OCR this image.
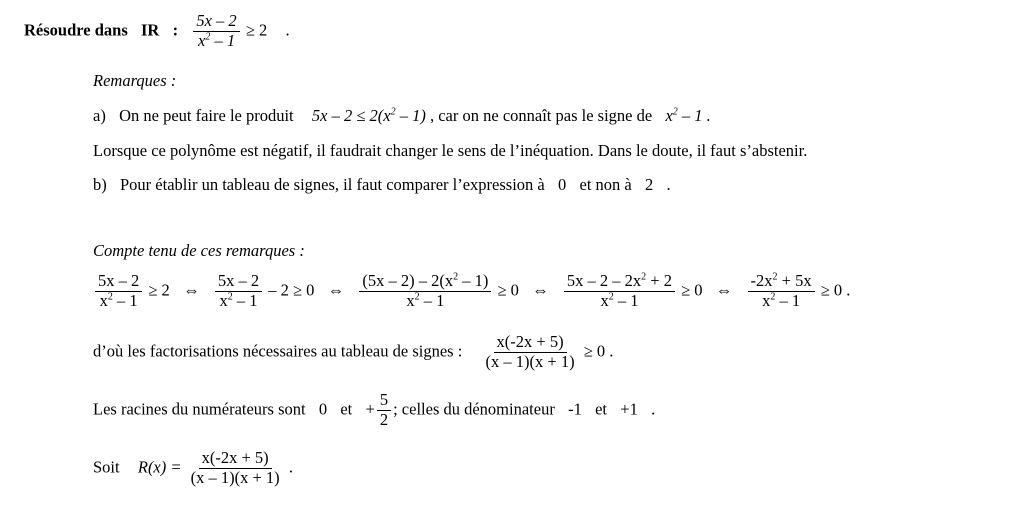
Résoudre dans IR : $\frac{5x - 2}{x^2 - 1} \ge 2$ .
Remarques :
a) On ne peut faire le produit $5x - 2 \le 2(x^2 - 1)$ , car on ne connaît pas le signe de $x^2 - 1$ .
Lorsque ce polynôme est négatif, il faudrait changer le sens de l’inéquation. Dans le doute, il faut s’abstenir.
b) Pour établir un tableau de signes, il faut comparer l’expression à 0 et non à 2 .
Compte tenu de ces remarques :
$\frac{5x - 2}{x^2 - 1} \ge 2$ ⇔ $\frac{5x - 2}{x^2 - 1} - 2 \ge 0$ ⇔ $\frac{(5x - 2) - 2(x^2 - 1)}{x^2 - 1} \ge 0$ ⇔ $\frac{5x - 2 - 2x^2 + 2}{x^2 - 1} \ge 0$ ⇔ $\frac{-2x^2 + 5x}{x^2 - 1} \ge 0$ .
d’où les factorisations nécessaires au tableau de signes : $\frac{x(-2x + 5)}{(x - 1)(x + 1)} \ge 0$ .
Les racines du numérateurs sont 0 et + $\frac{5}{2}$ ; celles du dénominateur -1 et +1 .
Soit $R(x) = \frac{x(-2x + 5)}{(x - 1)(x + 1)}$ .
